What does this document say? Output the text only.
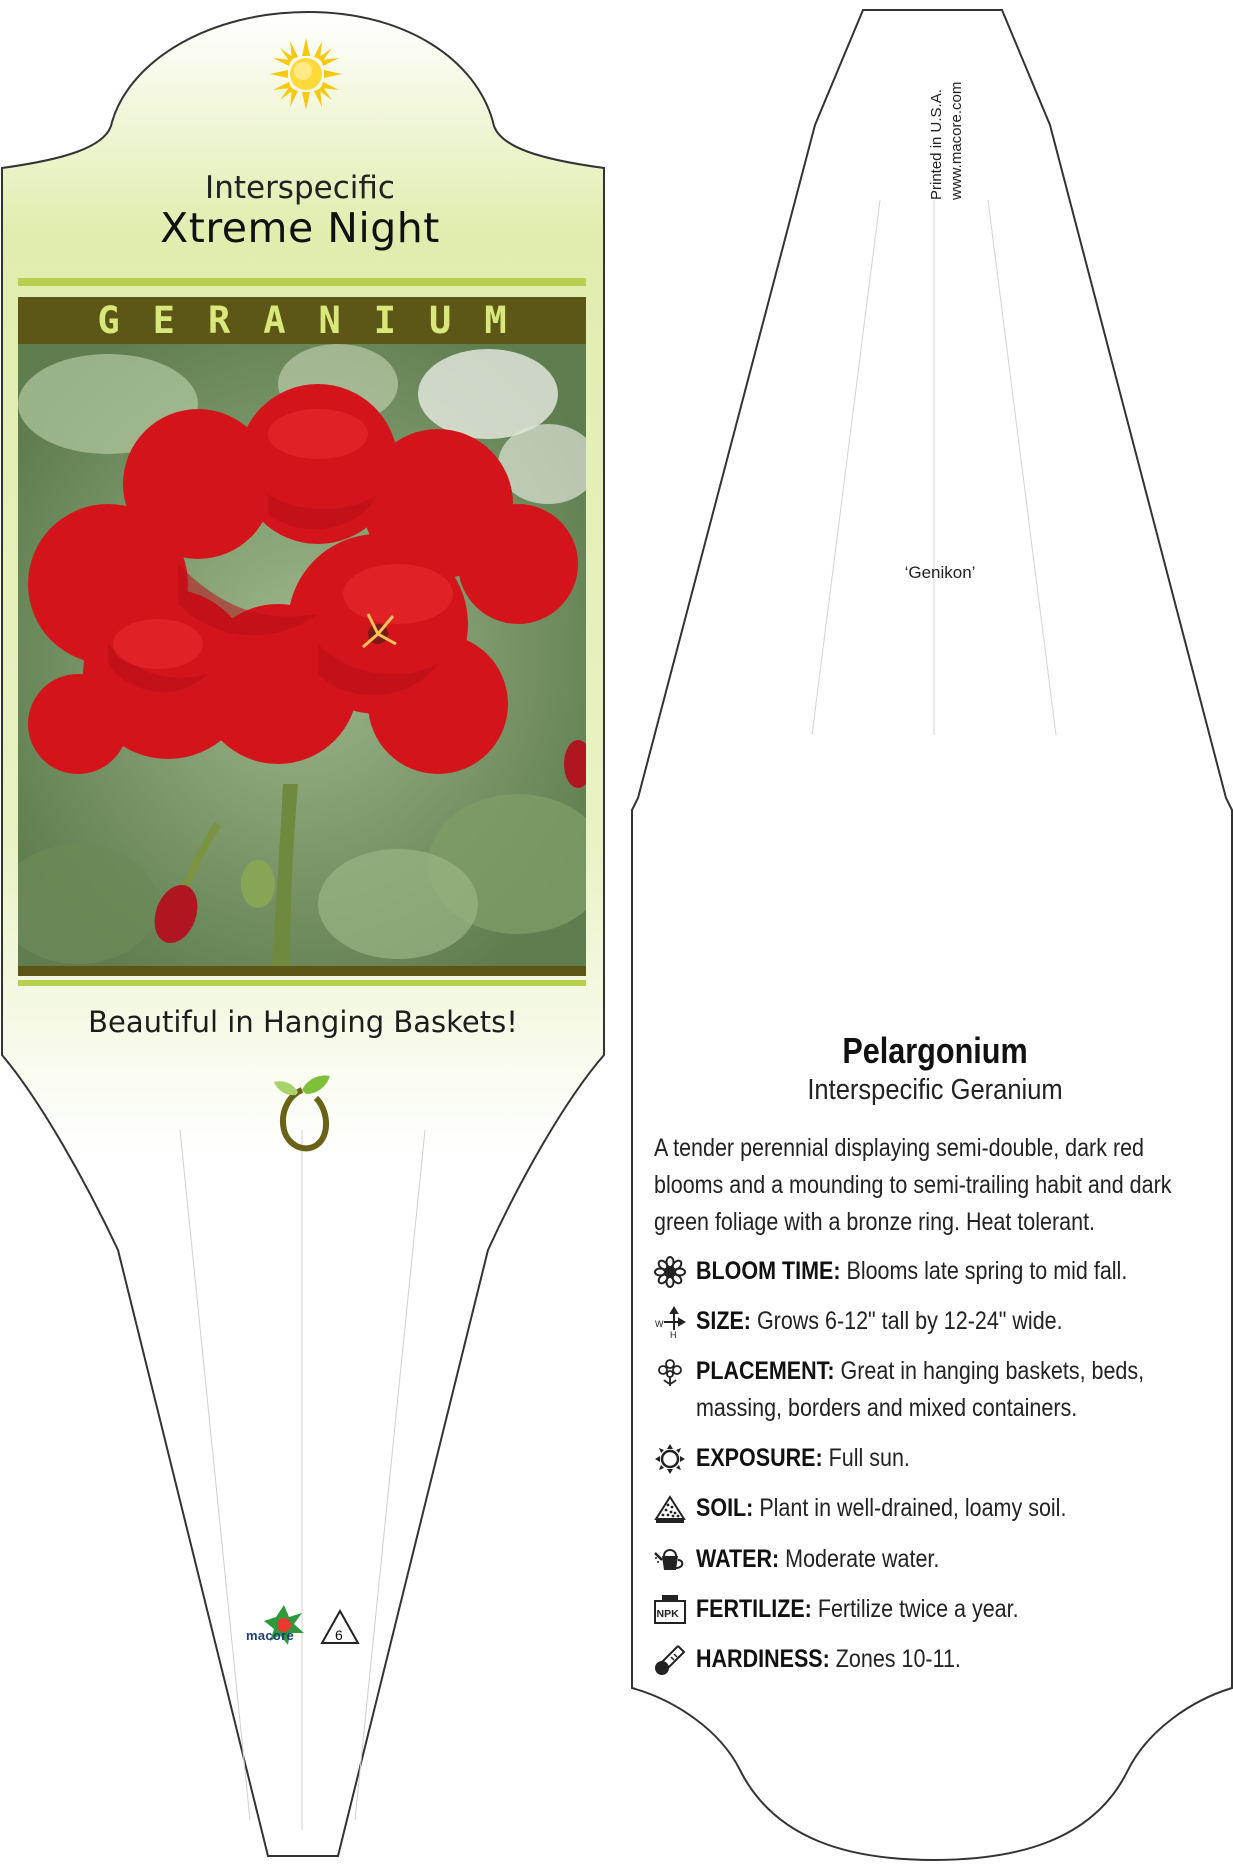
Interspecific
Xtreme Night
GERANIUM
Beautiful in Hanging Baskets!
macore	6
Printed in U.S.A. www.macore.com
‘Genikon’
Pelargonium
Interspecific Geranium
A tender perennial displaying semi-double, dark red blooms and a mounding to semi-trailing habit and dark green foliage with a bronze ring. Heat tolerant.
BLOOM TIME: Blooms late spring to mid fall.
W
H SIZE: Grows 6-12" tall by 12-24" wide.
PLACEMENT: Great in hanging baskets, beds, massing, borders and mixed containers.
EXPOSURE: Full sun.
SOIL: Plant in well-drained, loamy soil.
WATER: Moderate water.
NPK FERTILIZE: Fertilize twice a year.
HARDINESS: Zones 10-11.
